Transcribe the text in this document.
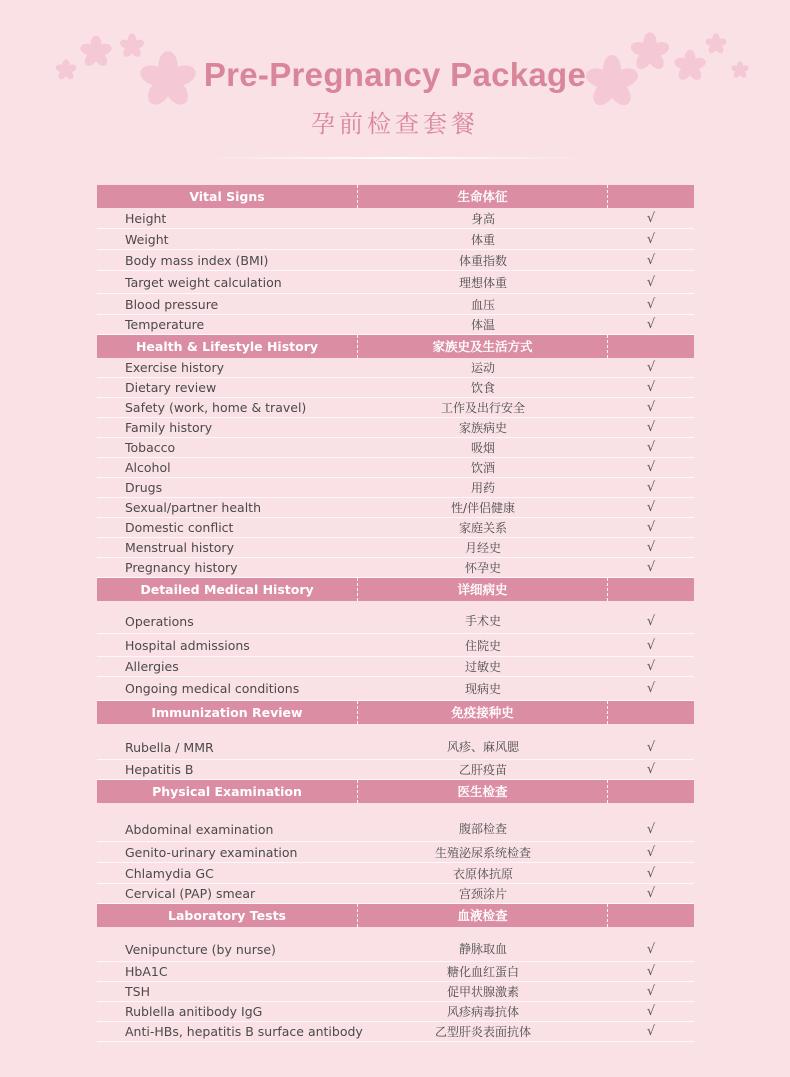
Pre-Pregnancy Package
孕前检查套餐
Vital Signs	生命体征
Height	身高	√
Weight	体重	√
Body mass index (BMI)	体重指数	√
Target weight calculation	理想体重	√
Blood pressure	血压	√
Temperature	体温	√
Health & Lifestyle History	家族史及生活方式
Exercise history	运动	√
Dietary review	饮食	√
Safety (work, home & travel)	工作及出行安全	√
Family history	家族病史	√
Tobacco	吸烟	√
Alcohol	饮酒	√
Drugs	用药	√
Sexual/partner health	性/伴侣健康	√
Domestic conflict	家庭关系	√
Menstrual history	月经史	√
Pregnancy history	怀孕史	√
Detailed Medical History	详细病史
Operations	手术史	√
Hospital admissions	住院史	√
Allergies	过敏史	√
Ongoing medical conditions	现病史	√
Immunization Review	免疫接种史
Rubella / MMR	风疹、麻风腮	√
Hepatitis B	乙肝疫苗	√
Physical Examination	医生检查
Abdominal examination	腹部检查	√
Genito-urinary examination	生殖泌尿系统检查	√
Chlamydia GC	衣原体抗原	√
Cervical (PAP) smear	宫颈涂片	√
Laboratory Tests	血液检查
Venipuncture (by nurse)	静脉取血	√
HbA1C	糖化血红蛋白	√
TSH	促甲状腺激素	√
Rublella anitibody IgG	风疹病毒抗体	√
Anti-HBs, hepatitis B surface antibody	乙型肝炎表面抗体	√
